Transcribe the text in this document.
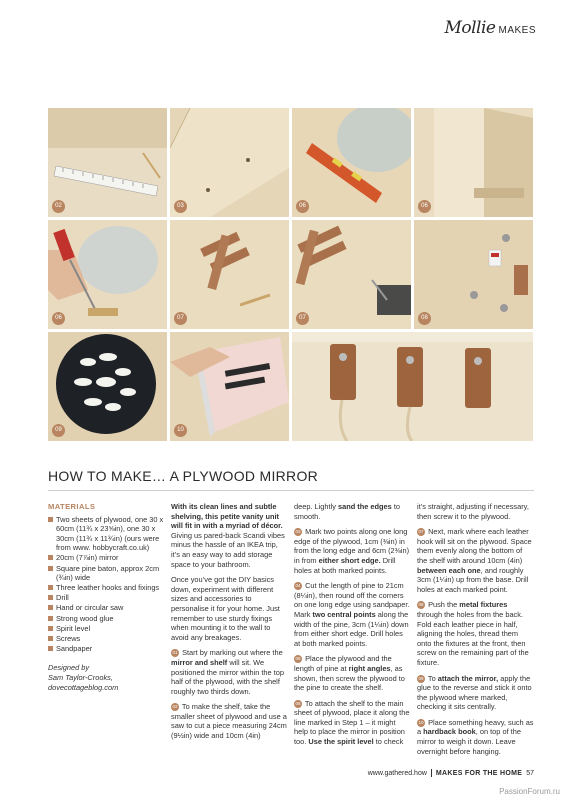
Mollie MAKES
02	03	06	06
06	07	07	08
09	10
HOW TO MAKE… A PLYWOOD MIRROR
MATERIALS
Two sheets of plywood, one 30 x 60cm (11¾ x 23⅝in), one 30 x 30cm (11¾ x 11¾in) (ours were from www. hobbycraft.co.uk)
20cm (7⅞in) mirror
Square pine baton, approx 2cm (¾in) wide
Three leather hooks and fixings
Drill
Hand or circular saw
Strong wood glue
Spirit level
Screws
Sandpaper
Designed by
Sam Taylor-Crooks,
dovecottageblog.com

With its clean lines and subtle shelving, this petite vanity unit will fit in with a myriad of décor. Giving us pared-back Scandi vibes minus the hassle of an IKEA trip, it’s an easy way to add storage space to your bathroom.

Once you’ve got the DIY basics down, experiment with different sizes and accessories to personalise it for your home. Just remember to use sturdy fixings when mounting it to the wall to avoid any breakages.

01 Start by marking out where the mirror and shelf will sit. We positioned the mirror within the top half of the plywood, with the shelf roughly two thirds down.

02 To make the shelf, take the smaller sheet of plywood and use a saw to cut a piece measuring 24cm (9½in) wide and 10cm (4in)

deep. Lightly sand the edges to smooth.

03 Mark two points along one long edge of the plywood, 1cm (⅜in) in from the long edge and 6cm (2⅜in) in from either short edge. Drill holes at both marked points.

04 Cut the length of pine to 21cm (8¼in), then round off the corners on one long edge using sandpaper. Mark two central points along the width of the pine, 3cm (1¼in) down from either short edge. Drill holes at both marked points.

05 Place the plywood and the length of pine at right angles, as shown, then screw the plywood to the pine to create the shelf.

06 To attach the shelf to the main sheet of plywood, place it along the line marked in Step 1 – it might help to place the mirror in position too. Use the spirit level to check

it’s straight, adjusting if necessary, then screw it to the plywood.

07 Next, mark where each leather hook will sit on the plywood. Space them evenly along the bottom of the shelf with around 10cm (4in) between each one, and roughly 3cm (1¼in) up from the base. Drill holes at each marked point.

08 Push the metal fixtures through the holes from the back. Fold each leather piece in half, aligning the holes, thread them onto the fixtures at the front, then screw on the remaining part of the fixture.

09 To attach the mirror, apply the glue to the reverse and stick it onto the plywood where marked, checking it sits centrally.

10 Place something heavy, such as a hardback book, on top of the mirror to weigh it down. Leave overnight before hanging.

www.gathered.how MAKES FOR THE HOME 57
PassionForum.ru
